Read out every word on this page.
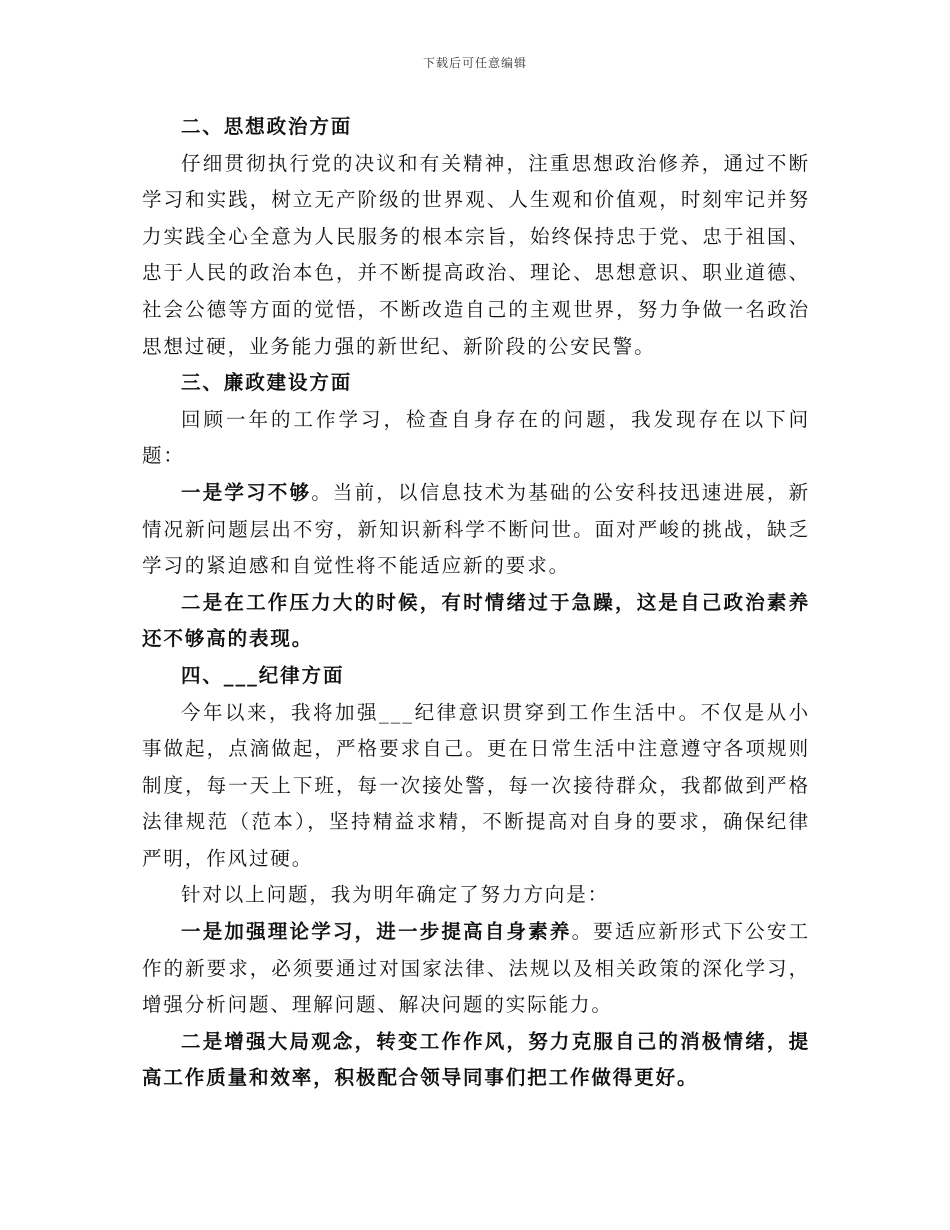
下载后可任意编辑

二、思想政治方面

仔细贯彻执行党的决议和有关精神，注重思想政治修养，通过不断学习和实践，树立无产阶级的世界观、人生观和价值观，时刻牢记并努力实践全心全意为人民服务的根本宗旨，始终保持忠于党、忠于祖国、忠于人民的政治本色，并不断提高政治、理论、思想意识、职业道德、社会公德等方面的觉悟，不断改造自己的主观世界，努力争做一名政治思想过硬，业务能力强的新世纪、新阶段的公安民警。

三、廉政建设方面

回顾一年的工作学习，检查自身存在的问题，我发现存在以下问题：

一是学习不够。当前，以信息技术为基础的公安科技迅速进展，新情况新问题层出不穷，新知识新科学不断问世。面对严峻的挑战，缺乏学习的紧迫感和自觉性将不能适应新的要求。

二是在工作压力大的时候，有时情绪过于急躁，这是自己政治素养还不够高的表现。

四、___纪律方面

今年以来，我将加强___纪律意识贯穿到工作生活中。不仅是从小事做起，点滴做起，严格要求自己。更在日常生活中注意遵守各项规则制度，每一天上下班，每一次接处警，每一次接待群众，我都做到严格法律规范（范本），坚持精益求精，不断提高对自身的要求，确保纪律严明，作风过硬。

针对以上问题，我为明年确定了努力方向是：

一是加强理论学习，进一步提高自身素养。要适应新形式下公安工作的新要求，必须要通过对国家法律、法规以及相关政策的深化学习，增强分析问题、理解问题、解决问题的实际能力。

二是增强大局观念，转变工作作风，努力克服自己的消极情绪，提高工作质量和效率，积极配合领导同事们把工作做得更好。
